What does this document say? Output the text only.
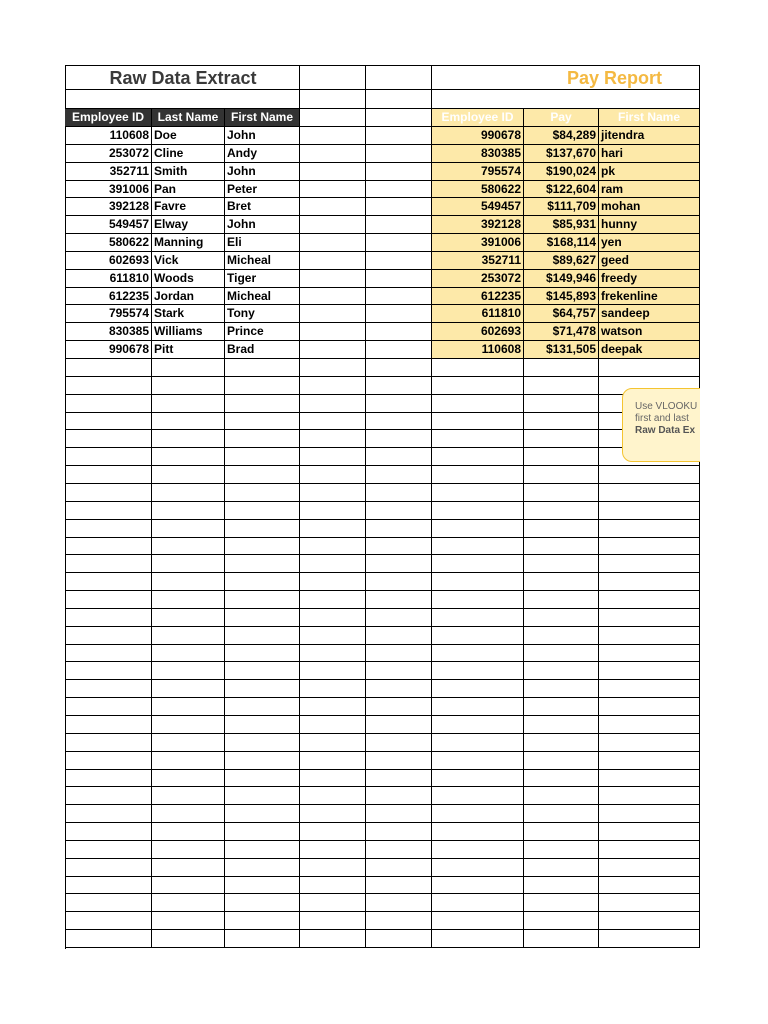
Raw Data Extract	Pay Report
Employee ID	Last Name	First Name	Employee ID	Pay	First Name
110608 Doe	John	990678	$84,289 jitendra
253072 Cline	Andy	830385	$137,670 hari
352711 Smith	John	795574	$190,024 pk
391006 Pan	Peter	580622	$122,604 ram
392128 Favre	Bret	549457	$111,709 mohan
549457 Elway	John	392128	$85,931 hunny
580622 Manning	Eli	391006	$168,114 yen
602693 Vick	Micheal	352711	$89,627 geed
611810 Woods	Tiger	253072	$149,946 freedy
612235 Jordan	Micheal	612235	$145,893 frekenline
795574 Stark	Tony	611810	$64,757 sandeep
830385 Williams	Prince	602693	$71,478 watson
990678 Pitt	Brad	110608	$131,505 deepak
Use VLOOKU
first and last
Raw Data Ex
